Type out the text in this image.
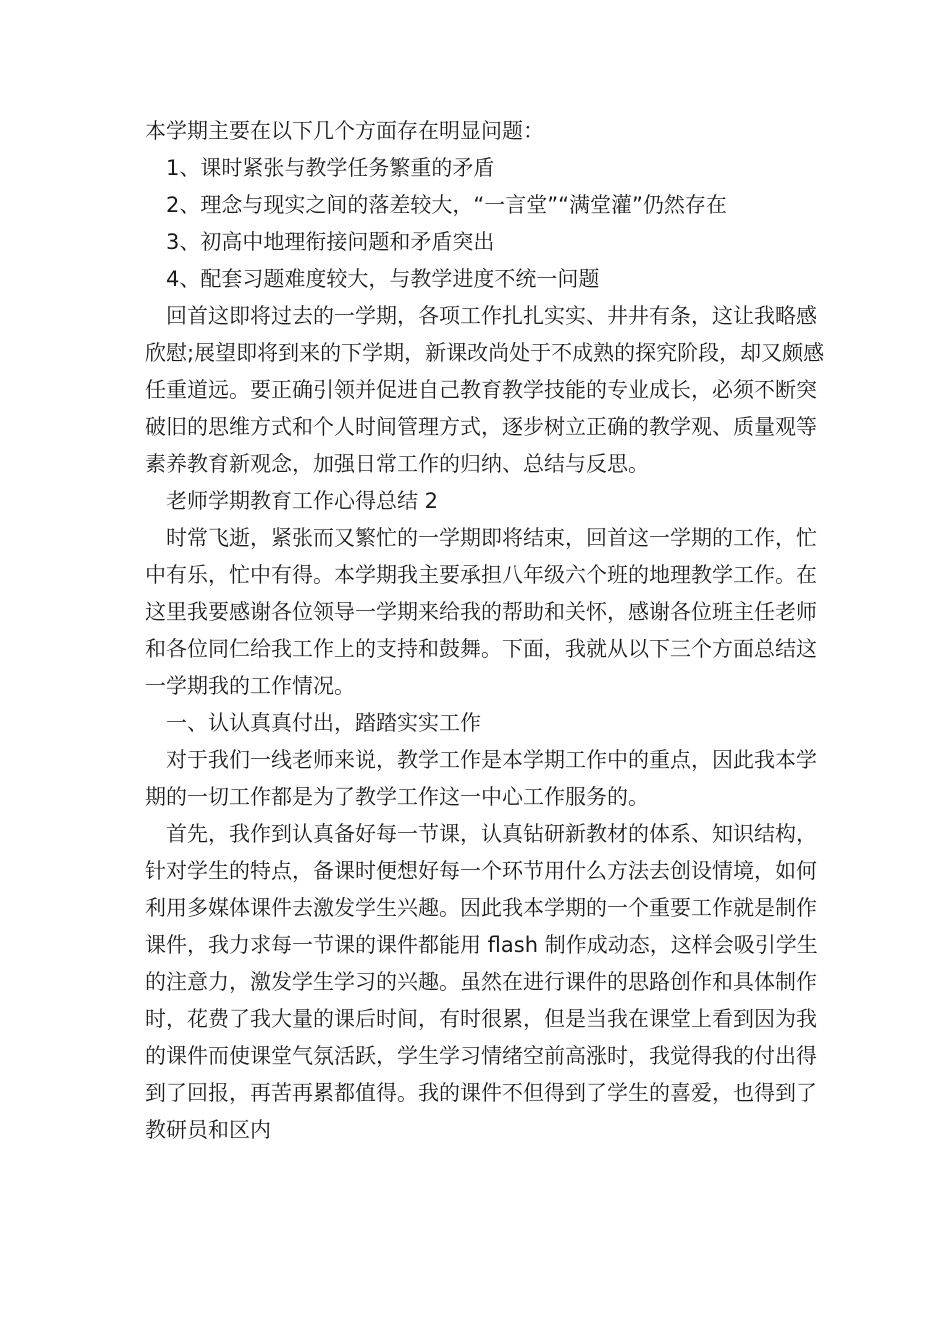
本学期主要在以下几个方面存在明显问题：

1、课时紧张与教学任务繁重的矛盾

2、理念与现实之间的落差较大，“一言堂”“满堂灌”仍然存在

3、初高中地理衔接问题和矛盾突出

4、配套习题难度较大，与教学进度不统一问题

回首这即将过去的一学期，各项工作扎扎实实、井井有条，这让我略感欣慰;展望即将到来的下学期，新课改尚处于不成熟的探究阶段，却又颇感任重道远。要正确引领并促进自己教育教学技能的专业成长，必须不断突破旧的思维方式和个人时间管理方式，逐步树立正确的教学观、质量观等素养教育新观念，加强日常工作的归纳、总结与反思。

老师学期教育工作心得总结 2

时常飞逝，紧张而又繁忙的一学期即将结束，回首这一学期的工作，忙中有乐，忙中有得。本学期我主要承担八年级六个班的地理教学工作。在这里我要感谢各位领导一学期来给我的帮助和关怀，感谢各位班主任老师和各位同仁给我工作上的支持和鼓舞。下面，我就从以下三个方面总结这一学期我的工作情况。

一、认认真真付出，踏踏实实工作

对于我们一线老师来说，教学工作是本学期工作中的重点，因此我本学期的一切工作都是为了教学工作这一中心工作服务的。

首先，我作到认真备好每一节课，认真钻研新教材的体系、知识结构，针对学生的特点，备课时便想好每一个环节用什么方法去创设情境，如何利用多媒体课件去激发学生兴趣。因此我本学期的一个重要工作就是制作课件，我力求每一节课的课件都能用 flash 制作成动态，这样会吸引学生的注意力，激发学生学习的兴趣。虽然在进行课件的思路创作和具体制作时，花费了我大量的课后时间，有时很累，但是当我在课堂上看到因为我的课件而使课堂气氛活跃，学生学习情绪空前高涨时，我觉得我的付出得到了回报，再苦再累都值得。我的课件不但得到了学生的喜爱，也得到了教研员和区内
